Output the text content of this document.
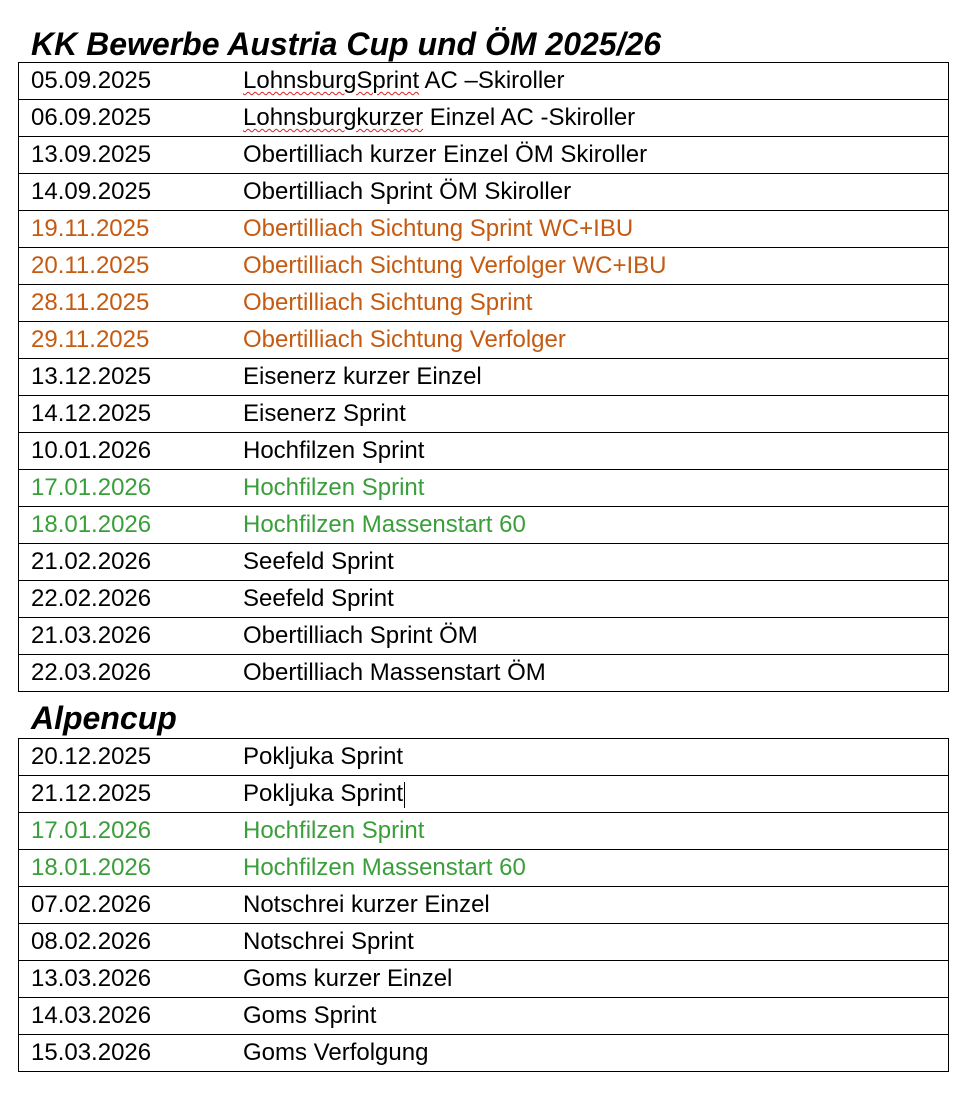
KK Bewerbe Austria Cup und ÖM 2025/26
05.09.2025	LohnsburgSprint AC –Skiroller
06.09.2025	Lohnsburgkurzer Einzel AC -Skiroller
13.09.2025	Obertilliach kurzer Einzel ÖM Skiroller
14.09.2025	Obertilliach Sprint ÖM Skiroller
19.11.2025	Obertilliach Sichtung Sprint WC+IBU
20.11.2025	Obertilliach Sichtung Verfolger WC+IBU
28.11.2025	Obertilliach Sichtung Sprint
29.11.2025	Obertilliach Sichtung Verfolger
13.12.2025	Eisenerz kurzer Einzel
14.12.2025	Eisenerz Sprint
10.01.2026	Hochfilzen Sprint
17.01.2026	Hochfilzen Sprint
18.01.2026	Hochfilzen Massenstart 60
21.02.2026	Seefeld Sprint
22.02.2026	Seefeld Sprint
21.03.2026	Obertilliach Sprint ÖM
22.03.2026	Obertilliach Massenstart ÖM
Alpencup
20.12.2025	Pokljuka Sprint
21.12.2025	Pokljuka Sprint
17.01.2026	Hochfilzen Sprint
18.01.2026	Hochfilzen Massenstart 60
07.02.2026	Notschrei kurzer Einzel
08.02.2026	Notschrei Sprint
13.03.2026	Goms kurzer Einzel
14.03.2026	Goms Sprint
15.03.2026	Goms Verfolgung
